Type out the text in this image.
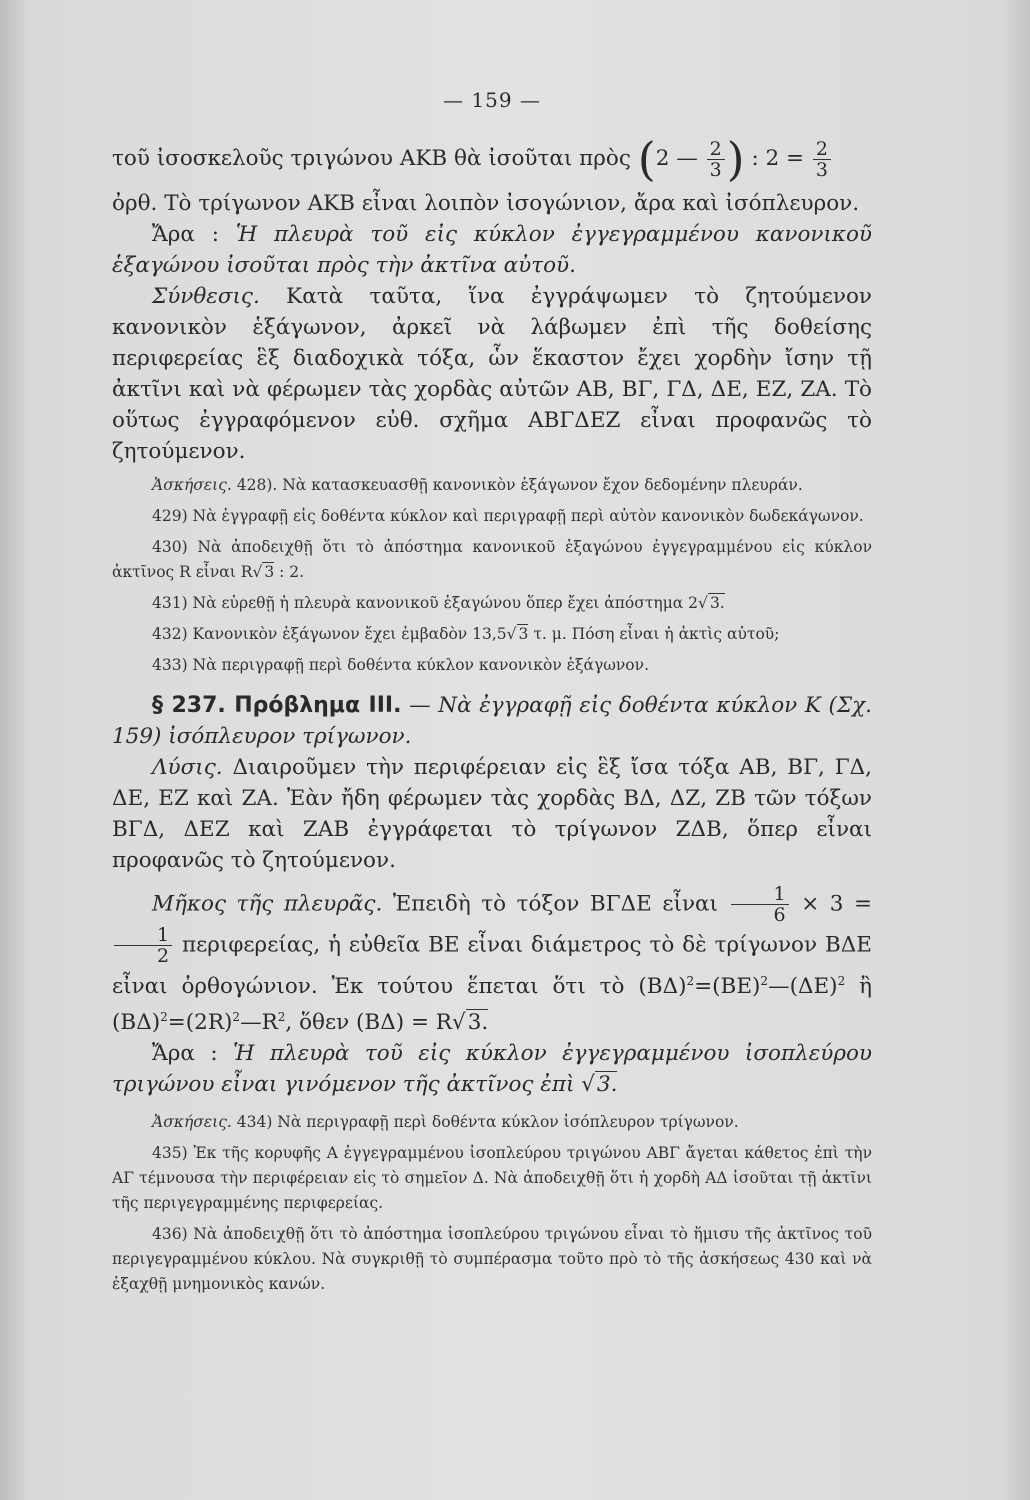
— 159 —

τοῦ ἰσοσκελοῦς τριγώνου ΑΚΒ θὰ ἰσοῦται πρὸς (2 — $\frac{2}{3}$ ) : $2 = \frac{2}{3}$

ὀρθ. Τὸ τρίγωνον ΑΚΒ εἶναι λοιπὸν ἰσογώνιον, ἄρα καὶ ἰσόπλευρον.

Ἄρα : Ἡ πλευρὰ τοῦ εἰς κύκλον ἐγγεγραμμένου κανονικοῦ ἑξαγώνου ἰσοῦται πρὸς τὴν ἀκτῖνα αὐτοῦ.

Σύνθεσις. Κατὰ ταῦτα, ἵνα ἐγγράψωμεν τὸ ζητούμενον κανονικὸν ἑξάγωνον, ἀρκεῖ νὰ λάβωμεν ἐπὶ τῆς δοθείσης περιφερείας ἓξ διαδοχικὰ τόξα, ὧν ἕκαστον ἔχει χορδὴν ἴσην τῇ ἀκτῖνι καὶ νὰ φέρωμεν τὰς χορδὰς αὐτῶν ΑΒ, ΒΓ, ΓΔ, ΔΕ, ΕΖ, ΖΑ. Τὸ οὕτως ἐγγραφόμενον εὐθ. σχῆμα ΑΒΓΔΕΖ εἶναι προφανῶς τὸ ζητούμενον.

Ἀσκήσεις. 428). Νὰ κατασκευασθῇ κανονικὸν ἑξάγωνον ἔχον δεδομένην πλευράν.

429) Νὰ ἐγγραφῇ εἰς δοθέντα κύκλον καὶ περιγραφῇ περὶ αὐτὸν κανονικὸν δωδεκάγωνον.

430) Νὰ ἀποδειχθῇ ὅτι τὸ ἀπόστημα κανονικοῦ ἑξαγώνου ἐγγεγραμμένου εἰς κύκλον ἀκτῖνος R εἶναι R√ 3 : 2.

431) Νὰ εὑρεθῇ ἡ πλευρὰ κανονικοῦ ἑξαγώνου ὅπερ ἔχει ἀπόστημα 2√ 3.

432) Κανονικὸν ἑξάγωνον ἔχει ἐμβαδὸν 13,5√ 3 τ. μ. Πόση εἶναι ἡ ἀκτὶς αὐτοῦ;

433) Νὰ περιγραφῇ περὶ δοθέντα κύκλον κανονικὸν ἑξάγωνον.

§ 237. Πρόβλημα ΙΙΙ. — Νὰ ἐγγραφῇ εἰς δοθέντα κύκλον Κ (Σχ. 159) ἰσόπλευρον τρίγωνον.

Λύσις. Διαιροῦμεν τὴν περιφέρειαν εἰς ἓξ ἴσα τόξα ΑΒ, ΒΓ, ΓΔ, ΔΕ, ΕΖ καὶ ΖΑ. Ἐὰν ἤδη φέρωμεν τὰς χορδὰς ΒΔ, ΔΖ, ΖΒ τῶν τόξων ΒΓΔ, ΔΕΖ καὶ ΖΑΒ ἐγγράφεται τὸ τρίγωνον ΖΔΒ, ὅπερ εἶναι προφανῶς τὸ ζητούμενον.

Μῆκος τῆς πλευρᾶς. Ἐπειδὴ τὸ τόξον ΒΓΔΕ εἶναι $\frac{1}{6} \times 3$ =
$\frac{1}{2} \pi\varepsilon\rho\iota\varphi\varepsilon\rho\varepsilon ί\alpha\varsigma$, ἡ εὐθεῖα ΒΕ εἶναι διάμετρος τὸ δὲ τρίγωνον ΒΔΕ εἶναι ὀρθογώνιον. Ἐκ τούτου ἕπεται ὅτι τὸ $(B\Delta)^2=(BE)^2—(\Delta E)^2$ ἢ $(B\Delta)^2=(2R)^2—R^2$, ὅθεν (ΒΔ) = R√3.

Ἄρα : Ἡ πλευρὰ τοῦ εἰς κύκλον ἐγγεγραμμένου ἰσοπλεύρου τριγώνου εἶναι γινόμενον τῆς ἀκτῖνος ἐπὶ √3.

Ἀσκήσεις. 434) Νὰ περιγραφῇ περὶ δοθέντα κύκλον ἰσόπλευρον τρίγωνον.

435) Ἐκ τῆς κορυφῆς Α ἐγγεγραμμένου ἰσοπλεύρου τριγώνου ΑΒΓ ἄγεται κάθετος ἐπὶ τὴν ΑΓ τέμνουσα τὴν περιφέρειαν εἰς τὸ σημεῖον Δ. Νὰ ἀποδειχθῇ ὅτι ἡ χορδὴ ΑΔ ἰσοῦται τῇ ἀκτῖνι τῆς περιγεγραμμένης περιφερείας.

436) Νὰ ἀποδειχθῇ ὅτι τὸ ἀπόστημα ἰσοπλεύρου τριγώνου εἶναι τὸ ἥμισυ τῆς ἀκτῖνος τοῦ περιγεγραμμένου κύκλου. Νὰ συγκριθῇ τὸ συμπέρασμα τοῦτο πρὸ τὸ τῆς ἀσκήσεως 430 καὶ νὰ ἐξαχθῇ μνημονικὸς κανών.
